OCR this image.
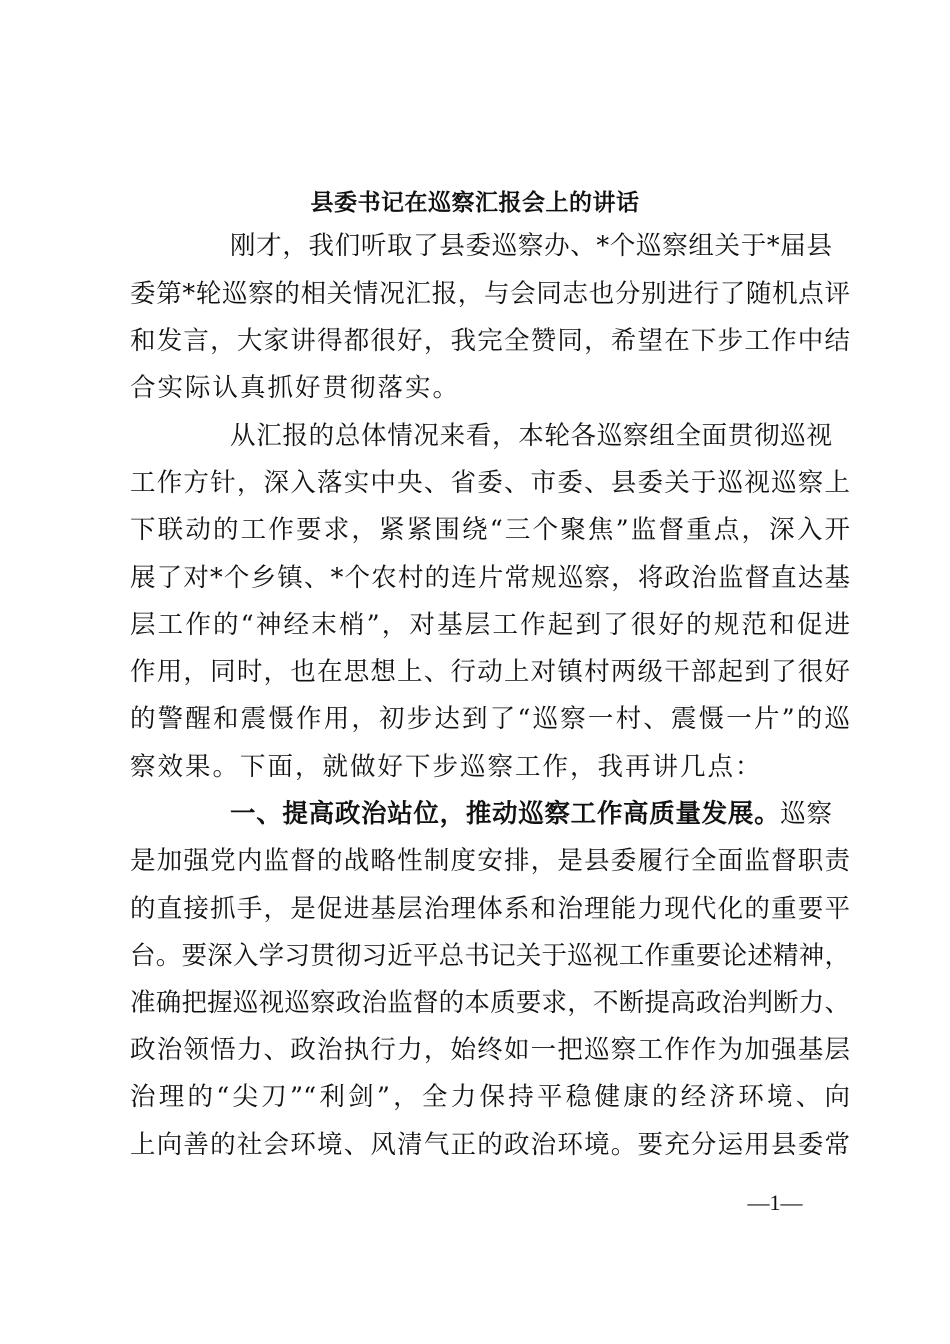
县委书记在巡察汇报会上的讲话
刚才，我们听取了县委巡察办、*个巡察组关于*届县
委第*轮巡察的相关情况汇报，与会同志也分别进行了随机点评
和发言，大家讲得都很好，我完全赞同，希望在下步工作中结
合实际认真抓好贯彻落实。
从汇报的总体情况来看，本轮各巡察组全面贯彻巡视
工作方针，深入落实中央、省委、市委、县委关于巡视巡察上
下联动的工作要求，紧紧围绕“三个聚焦”监督重点，深入开
展了对*个乡镇、*个农村的连片常规巡察，将政治监督直达基
层工作的“神经末梢”，对基层工作起到了很好的规范和促进
作用，同时，也在思想上、行动上对镇村两级干部起到了很好
的警醒和震慑作用，初步达到了“巡察一村、震慑一片”的巡
察效果。下面，就做好下步巡察工作，我再讲几点：
一、提高政治站位，推动巡察工作高质量发展。巡察
是加强党内监督的战略性制度安排，是县委履行全面监督职责
的直接抓手，是促进基层治理体系和治理能力现代化的重要平
台。要深入学习贯彻习近平总书记关于巡视工作重要论述精神，
准确把握巡视巡察政治监督的本质要求，不断提高政治判断力、
政治领悟力、政治执行力，始终如一把巡察工作作为加强基层
治理的“尖刀”“利剑”，全力保持平稳健康的经济环境、向
上向善的社会环境、风清气正的政治环境。要充分运用县委常
—1—
